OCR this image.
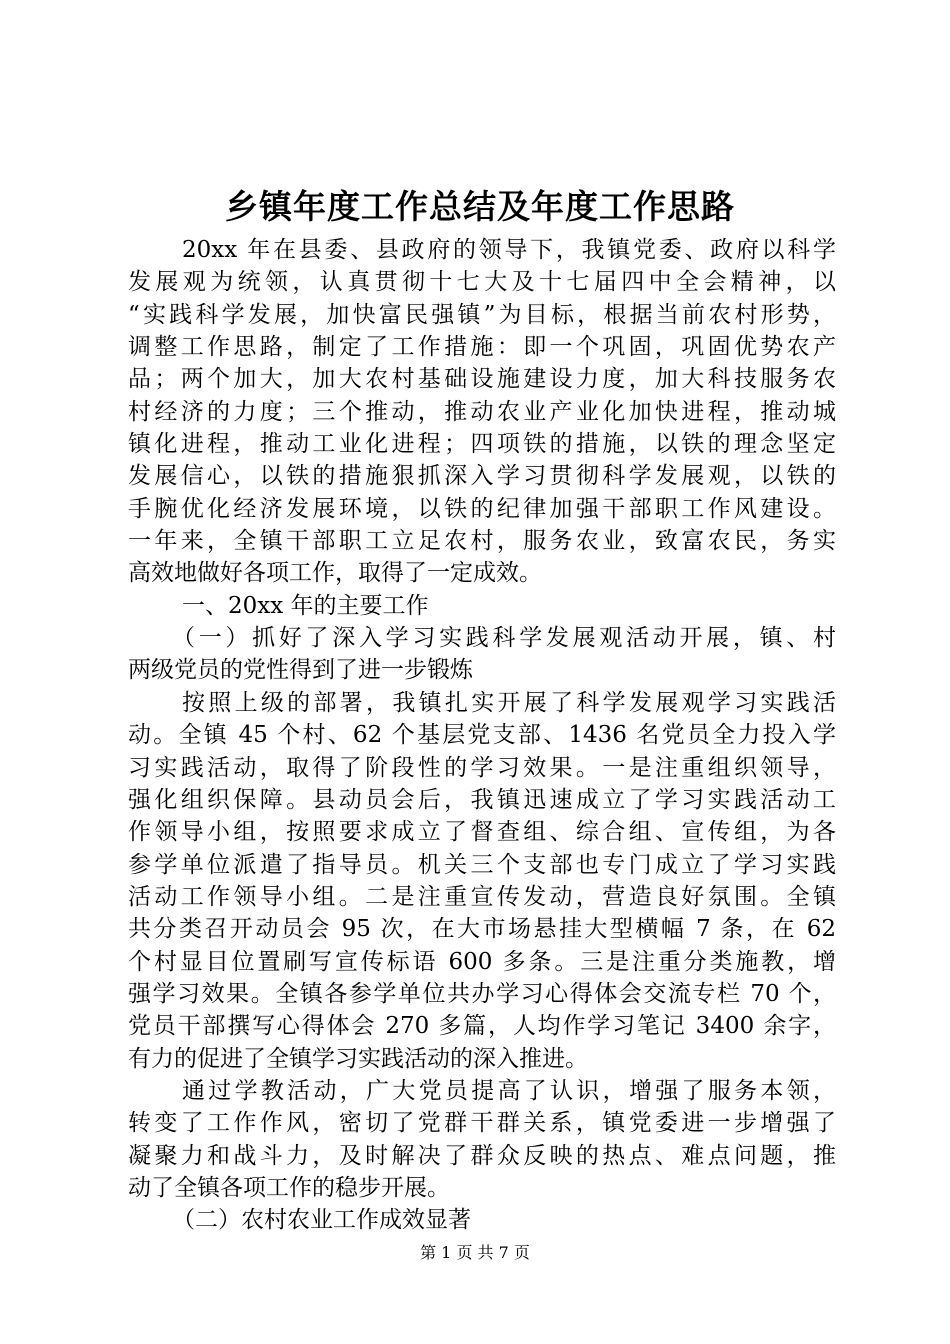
乡镇年度工作总结及年度工作思路
20xx 年在县委、县政府的领导下，我镇党委、政府以科学
发展观为统领，认真贯彻十七大及十七届四中全会精神，以
“实践科学发展，加快富民强镇”为目标，根据当前农村形势，
调整工作思路，制定了工作措施：即一个巩固，巩固优势农产
品；两个加大，加大农村基础设施建设力度，加大科技服务农
村经济的力度；三个推动，推动农业产业化加快进程，推动城
镇化进程，推动工业化进程；四项铁的措施，以铁的理念坚定
发展信心，以铁的措施狠抓深入学习贯彻科学发展观，以铁的
手腕优化经济发展环境，以铁的纪律加强干部职工作风建设。
一年来，全镇干部职工立足农村，服务农业，致富农民，务实
高效地做好各项工作，取得了一定成效。
一、20xx 年的主要工作
（一）抓好了深入学习实践科学发展观活动开展，镇、村
两级党员的党性得到了进一步锻炼
按照上级的部署，我镇扎实开展了科学发展观学习实践活
动。全镇 45 个村、62 个基层党支部、1436 名党员全力投入学
习实践活动，取得了阶段性的学习效果。一是注重组织领导，
强化组织保障。县动员会后，我镇迅速成立了学习实践活动工
作领导小组，按照要求成立了督查组、综合组、宣传组，为各
参学单位派遣了指导员。机关三个支部也专门成立了学习实践
活动工作领导小组。二是注重宣传发动，营造良好氛围。全镇
共分类召开动员会 95 次，在大市场悬挂大型横幅 7 条，在 62
个村显目位置刷写宣传标语 600 多条。三是注重分类施教，增
强学习效果。全镇各参学单位共办学习心得体会交流专栏 70 个，
党员干部撰写心得体会 270 多篇，人均作学习笔记 3400 余字，
有力的促进了全镇学习实践活动的深入推进。
通过学教活动，广大党员提高了认识，增强了服务本领，
转变了工作作风，密切了党群干群关系，镇党委进一步增强了
凝聚力和战斗力，及时解决了群众反映的热点、难点问题，推
动了全镇各项工作的稳步开展。
（二）农村农业工作成效显著
第 1 页 共 7 页
